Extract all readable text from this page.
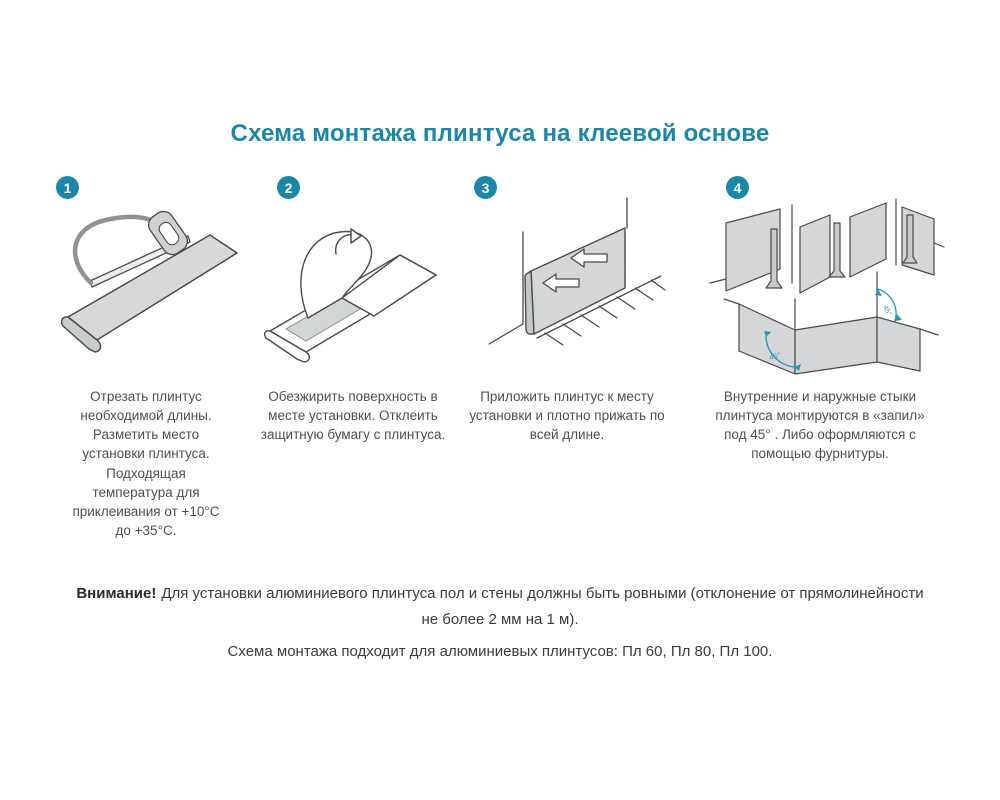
Схема монтажа плинтуса на клеевой основе
1
Отрезать плинтус необходимой длины. Разметить место установки плинтуса. Подходящая температура для приклеивания от +10°С до +35°С.
2
Обезжирить поверхность в месте установки. Отклеить защитную бумагу с плинтуса.
3
Приложить плинтус к месту установки и плотно прижать по всей длине.
4
45°
45°
Внутренние и наружные стыки плинтуса монтируются в «запил» под 45° . Либо оформляются с помощью фурнитуры.
Внимание! Для установки алюминиевого плинтуса пол и стены должны быть ровными (отклонение от прямолинейности не более 2 мм на 1 м).
Схема монтажа подходит для алюминиевых плинтусов: Пл 60, Пл 80, Пл 100.
